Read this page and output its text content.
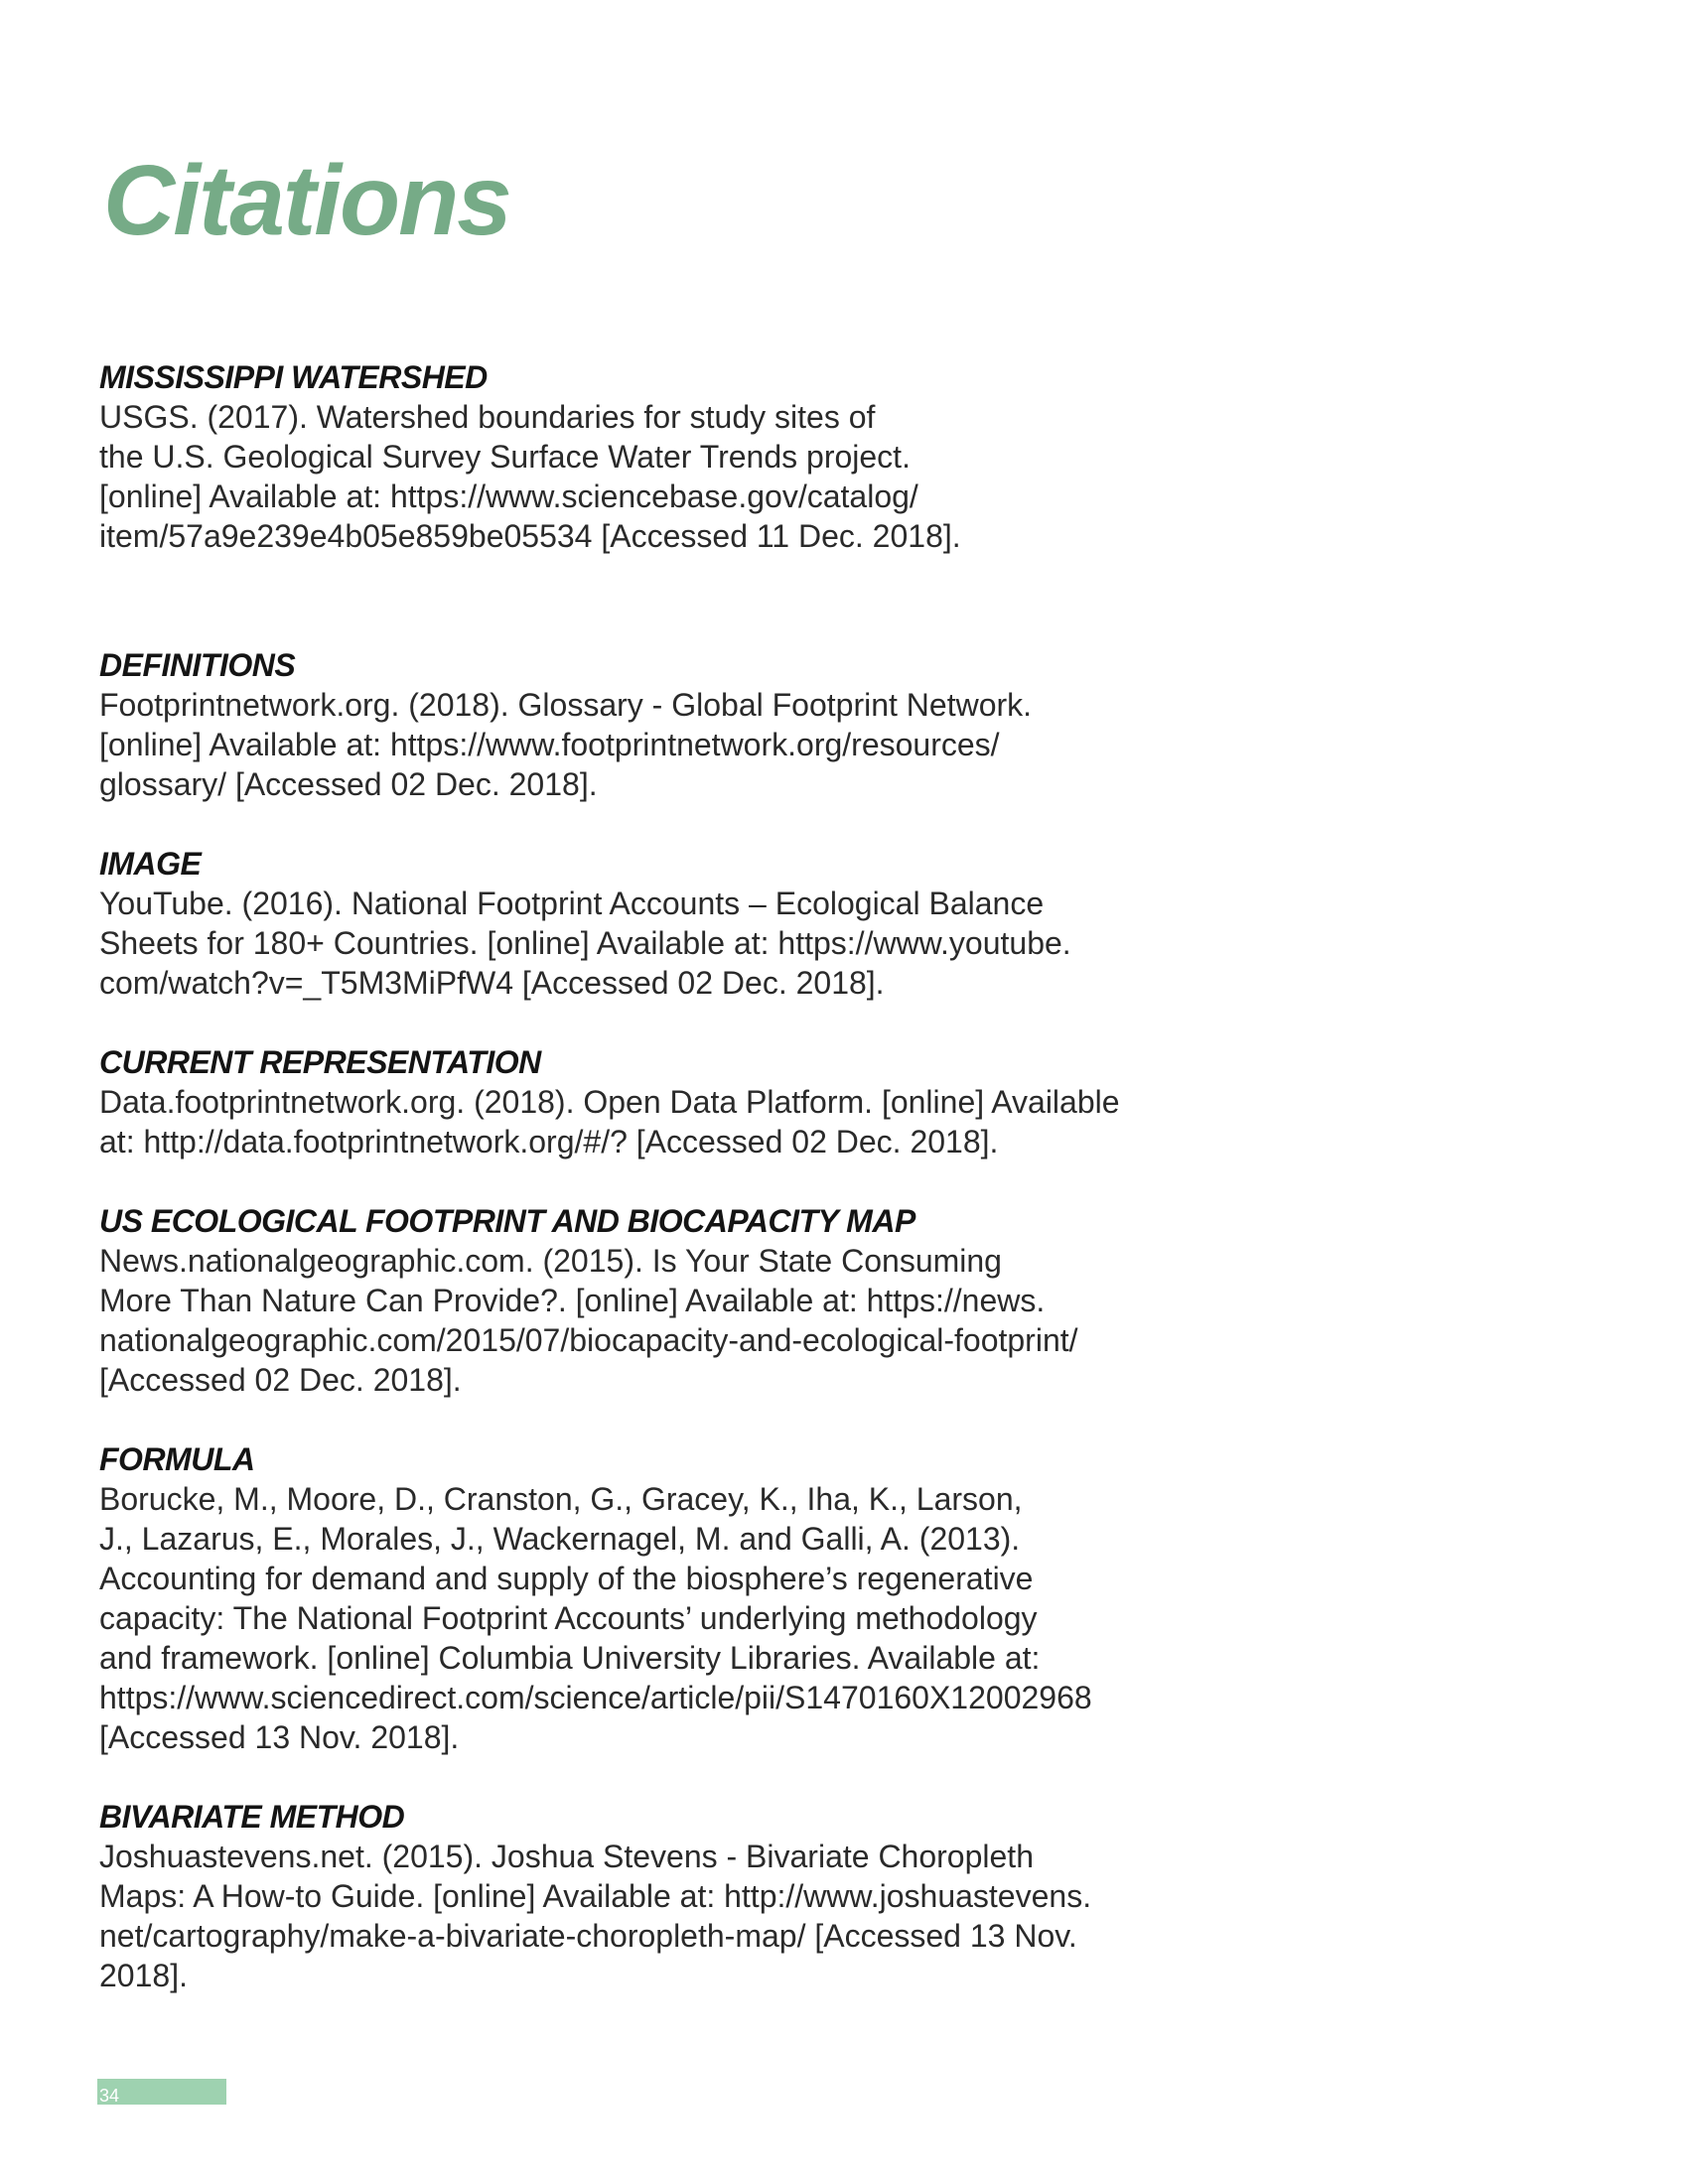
Citations

MISSISSIPPI WATERSHED

USGS. (2017). Watershed boundaries for study sites of
the U.S. Geological Survey Surface Water Trends project.
[online] Available at: https://www.sciencebase.gov/catalog/
item/57a9e239e4b05e859be05534 [Accessed 11 Dec. 2018].

DEFINITIONS

Footprintnetwork.org. (2018). Glossary - Global Footprint Network.
[online] Available at: https://www.footprintnetwork.org/resources/
glossary/ [Accessed 02 Dec. 2018].

IMAGE

YouTube. (2016). National Footprint Accounts – Ecological Balance
Sheets for 180+ Countries. [online] Available at: https://www.youtube.
com/watch?v=_T5M3MiPfW4 [Accessed 02 Dec. 2018].

CURRENT REPRESENTATION

Data.footprintnetwork.org. (2018). Open Data Platform. [online] Available
at: http://data.footprintnetwork.org/#/? [Accessed 02 Dec. 2018].

US ECOLOGICAL FOOTPRINT AND BIOCAPACITY MAP

News.nationalgeographic.com. (2015). Is Your State Consuming
More Than Nature Can Provide?. [online] Available at: https://news.
nationalgeographic.com/2015/07/biocapacity-and-ecological-footprint/
[Accessed 02 Dec. 2018].

FORMULA

Borucke, M., Moore, D., Cranston, G., Gracey, K., Iha, K., Larson,
J., Lazarus, E., Morales, J., Wackernagel, M. and Galli, A. (2013).
Accounting for demand and supply of the biosphere’s regenerative
capacity: The National Footprint Accounts’ underlying methodology
and framework. [online] Columbia University Libraries. Available at:
https://www.sciencedirect.com/science/article/pii/S1470160X12002968
[Accessed 13 Nov. 2018].

BIVARIATE METHOD

Joshuastevens.net. (2015). Joshua Stevens - Bivariate Choropleth
Maps: A How-to Guide. [online] Available at: http://www.joshuastevens.
net/cartography/make-a-bivariate-choropleth-map/ [Accessed 13 Nov.
2018].

34
